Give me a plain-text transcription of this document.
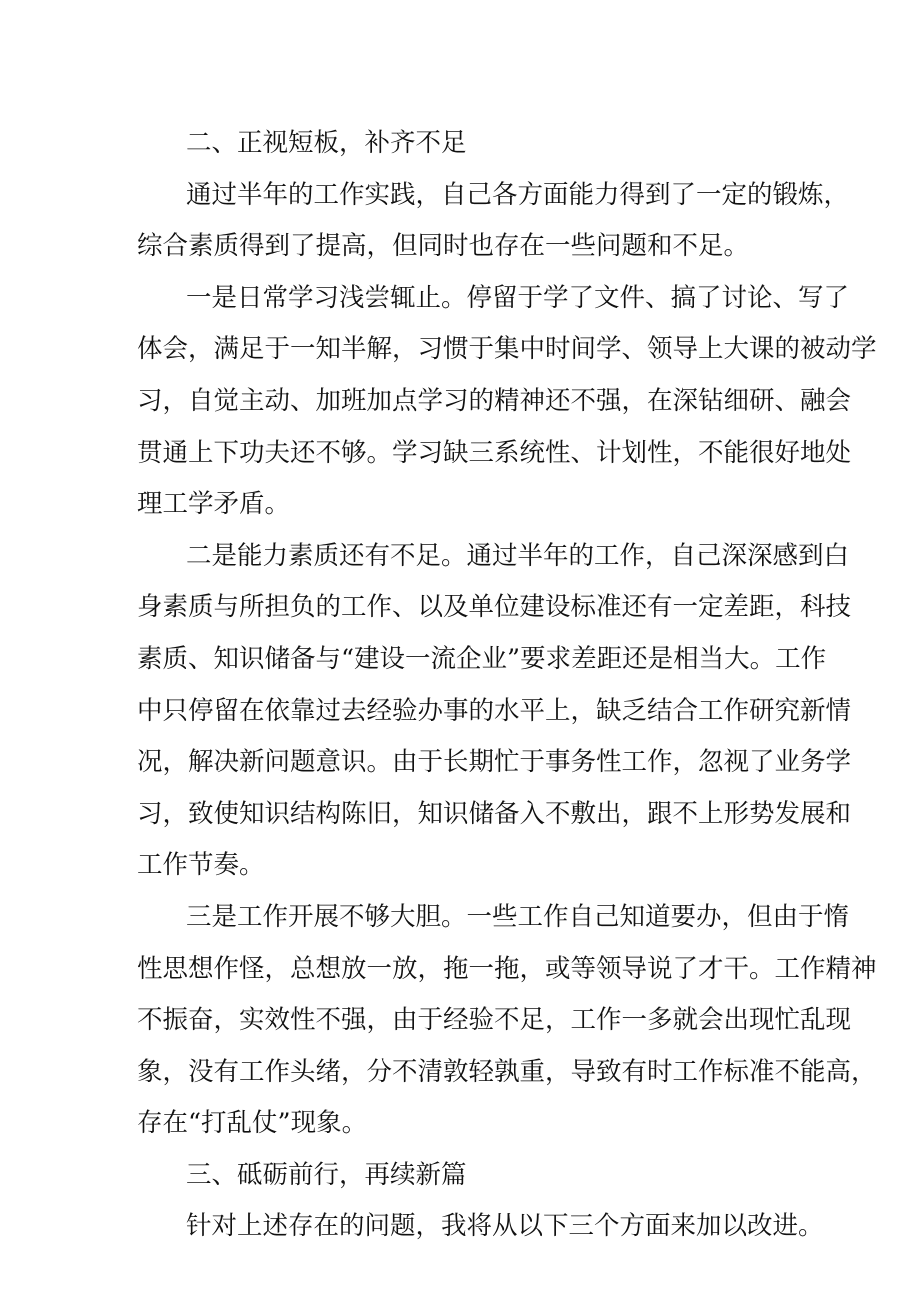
二、正视短板，补齐不足
通过半年的工作实践，自己各方面能力得到了一定的锻炼，
综合素质得到了提高，但同时也存在一些问题和不足。
一是日常学习浅尝辄止。停留于学了文件、搞了讨论、写了
体会，满足于一知半解，习惯于集中时间学、领导上大课的被动学
习，自觉主动、加班加点学习的精神还不强，在深钻细研、融会
贯通上下功夫还不够。学习缺三系统性、计划性，不能很好地处
理工学矛盾。
二是能力素质还有不足。通过半年的工作，自己深深感到白
身素质与所担负的工作、以及单位建设标准还有一定差距，科技
素质、知识储备与“建设一流企业”要求差距还是相当大。工作
中只停留在依靠过去经验办事的水平上，缺乏结合工作研究新情
况，解决新问题意识。由于长期忙于事务性工作，忽视了业务学
习，致使知识结构陈旧，知识储备入不敷出，跟不上形势发展和
工作节奏。
三是工作开展不够大胆。一些工作自己知道要办，但由于惰
性思想作怪，总想放一放，拖一拖，或等领导说了才干。工作精神
不振奋，实效性不强，由于经验不足，工作一多就会出现忙乱现
象，没有工作头绪，分不清敦轻孰重，导致有时工作标准不能高，
存在“打乱仗”现象。
三、砥砺前行，再续新篇
针对上述存在的问题，我将从以下三个方面来加以改进。
